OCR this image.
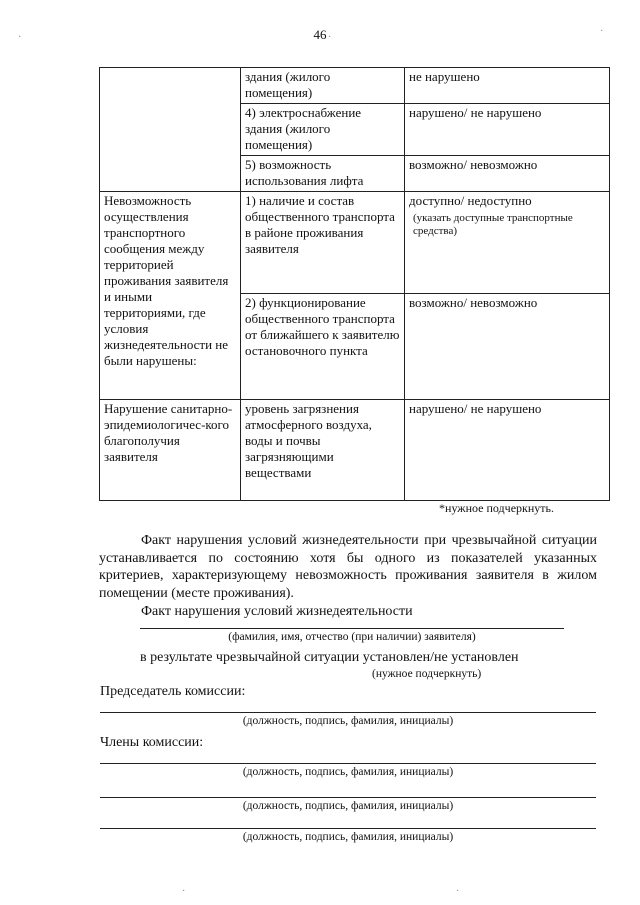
46
·	·
·
	здания (жилого помещения)	не нарушено
	4) электроснабжение здания (жилого помещения)	нарушено/ не нарушено
	5) возможность использования лифта	возможно/ невозможно
Невозможность осуществления транспортного сообщения между территорией проживания заявителя и иными территориями, где условия жизнедеятельности не были нарушены:	1) наличие и состав общественного транспорта в районе проживания заявителя	доступно/ недоступно
(указать доступные транспортные средства)

	2) функционирование общественного транспорта от ближайшего к заявителю остановочного пункта	возможно/ невозможно
Нарушение санитарно-эпидемиологичес-кого благополучия заявителя	уровень загрязнения атмосферного воздуха, воды и почвы загрязняющими веществами	нарушено/ не нарушено
*нужное подчеркнуть.
Факт нарушения условий жизнедеятельности при чрезвычайной ситуации устанавливается по состоянию хотя бы одного из показателей указанных критериев, характеризующему невозможность проживания заявителя в жилом помещении (месте проживания).
Факт нарушения условий жизнедеятельности
(фамилия, имя, отчество (при наличии) заявителя)
в результате чрезвычайной ситуации установлен/не установлен
(нужное подчеркнуть)
Председатель комиссии:
(должность, подпись, фамилия, инициалы)
Члены комиссии:
(должность, подпись, фамилия, инициалы)
(должность, подпись, фамилия, инициалы)
(должность, подпись, фамилия, инициалы)
·	·
